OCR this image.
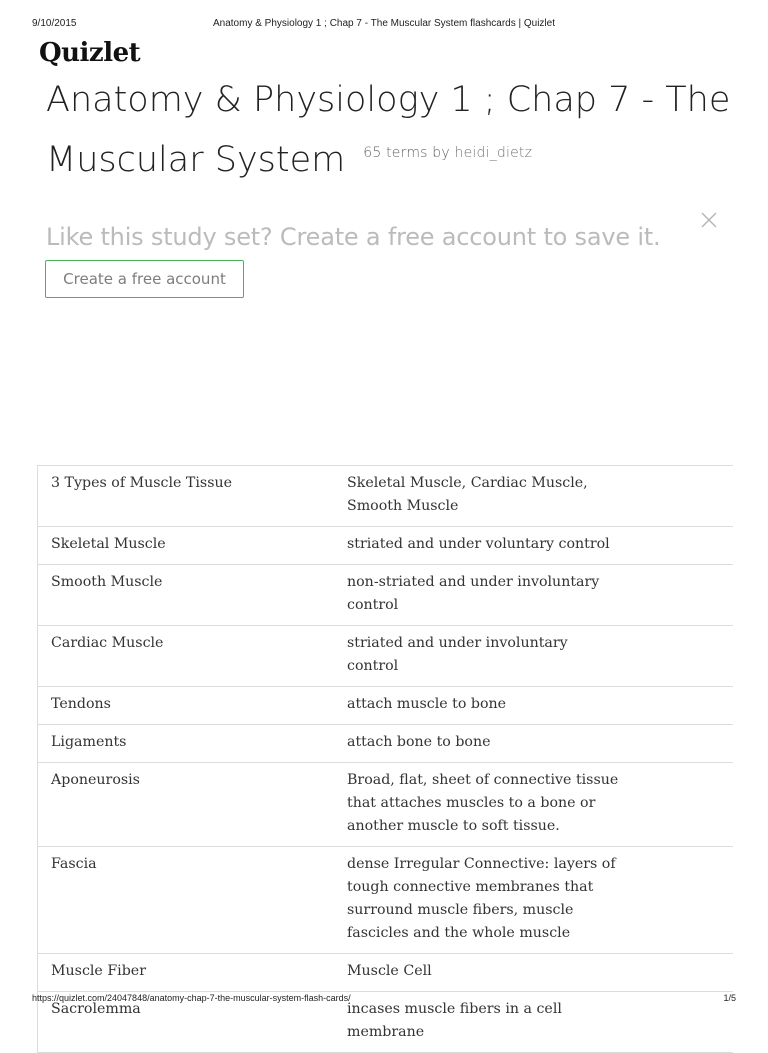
9/10/2015	Anatomy & Physiology 1 ; Chap 7 - The Muscular System flashcards | Quizlet
Quizlet
Anatomy & Physiology 1 ; Chap 7 - The Muscular System $^{65 terms by heidi\_dietz}$
Like this study set? Create a free account to save it.
Create a free account
3 Types of Muscle Tissue	Skeletal Muscle, Cardiac Muscle, Smooth Muscle
Skeletal Muscle	striated and under voluntary control
Smooth Muscle	non-striated and under involuntary control
Cardiac Muscle	striated and under involuntary control
Tendons	attach muscle to bone
Ligaments	attach bone to bone
Aponeurosis	Broad, flat, sheet of connective tissue that attaches muscles to a bone or another muscle to soft tissue.
Fascia	dense Irregular Connective: layers of tough connective membranes that surround muscle fibers, muscle fascicles and the whole muscle
Muscle Fiber	Muscle Cell
Sacrolemma	incases muscle fibers in a cell membrane
https://quizlet.com/24047848/anatomy-chap-7-the-muscular-system-flash-cards/	1/5
